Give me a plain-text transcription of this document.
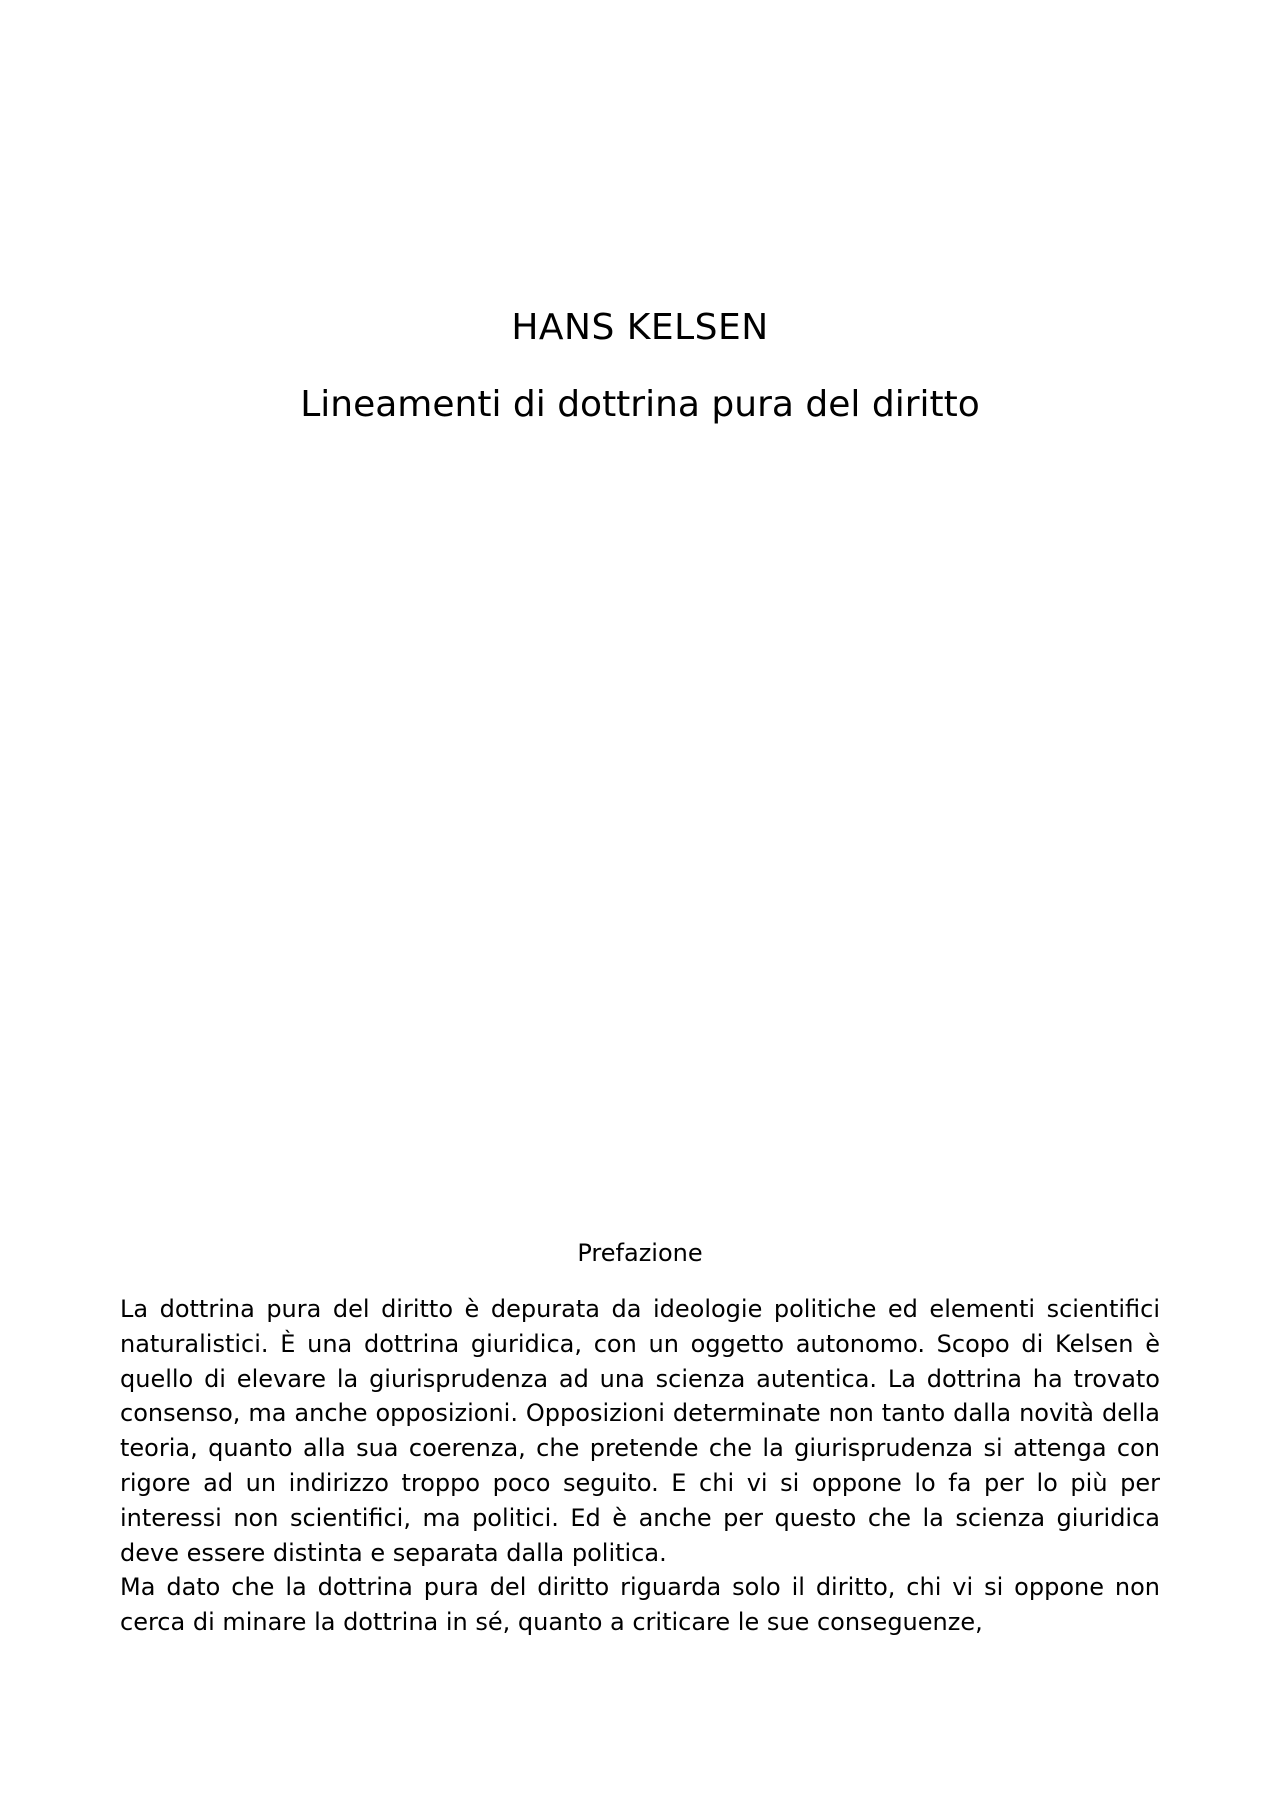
HANS KELSEN
Lineamenti di dottrina pura del diritto
Prefazione

La dottrina pura del diritto è depurata da ideologie politiche ed elementi scientifici naturalistici. È una dottrina giuridica, con un oggetto autonomo. Scopo di Kelsen è quello di elevare la giurisprudenza ad una scienza autentica. La dottrina ha trovato consenso, ma anche opposizioni. Opposizioni determinate non tanto dalla novità della teoria, quanto alla sua coerenza, che pretende che la giurisprudenza si attenga con rigore ad un indirizzo troppo poco seguito. E chi vi si oppone lo fa per lo più per interessi non scientifici, ma politici. Ed è anche per questo che la scienza giuridica deve essere distinta e separata dalla politica.

Ma dato che la dottrina pura del diritto riguarda solo il diritto, chi vi si oppone non cerca di minare la dottrina in sé, quanto a criticare le sue conseguenze,
